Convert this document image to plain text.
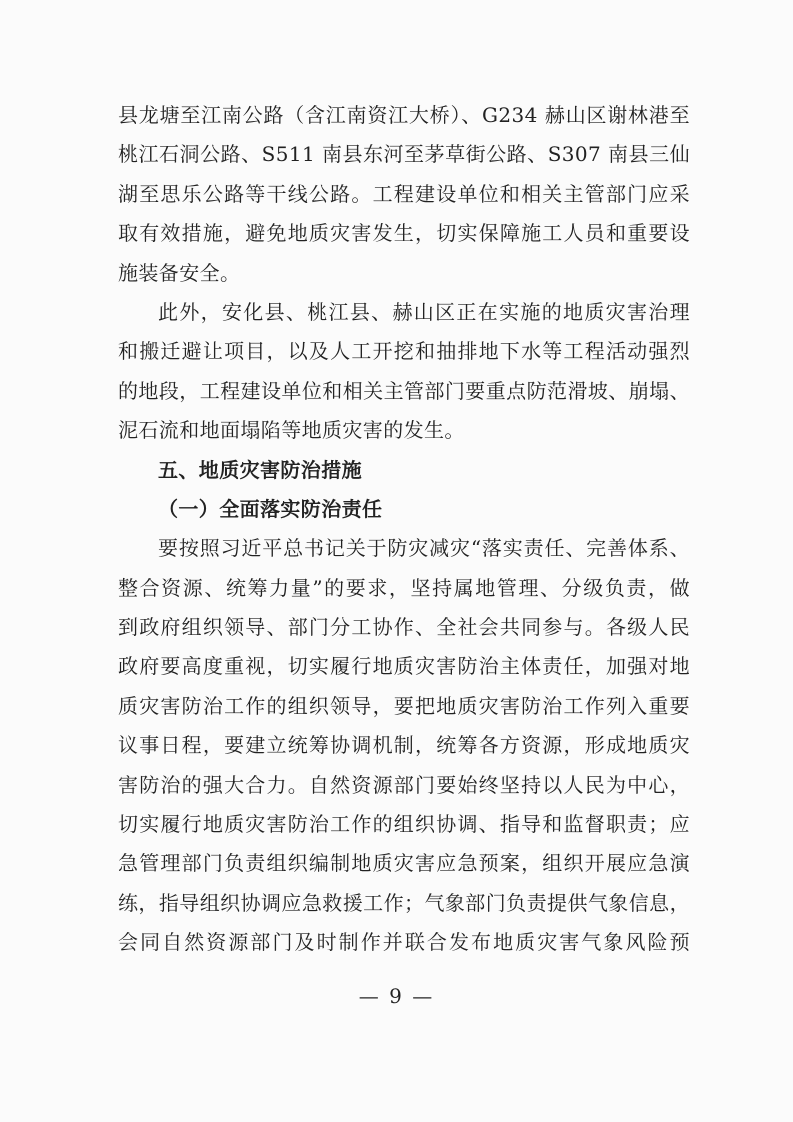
县龙塘至江南公路（含江南资江大桥）、G234 赫山区谢林港至
桃江石洞公路、S511 南县东河至茅草街公路、S307 南县三仙
湖至思乐公路等干线公路。工程建设单位和相关主管部门应采
取有效措施，避免地质灾害发生，切实保障施工人员和重要设
施装备安全。
此外，安化县、桃江县、赫山区正在实施的地质灾害治理
和搬迁避让项目，以及人工开挖和抽排地下水等工程活动强烈
的地段，工程建设单位和相关主管部门要重点防范滑坡、崩塌、
泥石流和地面塌陷等地质灾害的发生。
五、地质灾害防治措施
（一）全面落实防治责任
要按照习近平总书记关于防灾减灾“落实责任、完善体系、
整合资源、统筹力量”的要求，坚持属地管理、分级负责，做
到政府组织领导、部门分工协作、全社会共同参与。各级人民
政府要高度重视，切实履行地质灾害防治主体责任，加强对地
质灾害防治工作的组织领导，要把地质灾害防治工作列入重要
议事日程，要建立统筹协调机制，统筹各方资源，形成地质灾
害防治的强大合力。自然资源部门要始终坚持以人民为中心，
切实履行地质灾害防治工作的组织协调、指导和监督职责；应
急管理部门负责组织编制地质灾害应急预案，组织开展应急演
练，指导组织协调应急救援工作；气象部门负责提供气象信息，
会同自然资源部门及时制作并联合发布地质灾害气象风险预
— 9 —
